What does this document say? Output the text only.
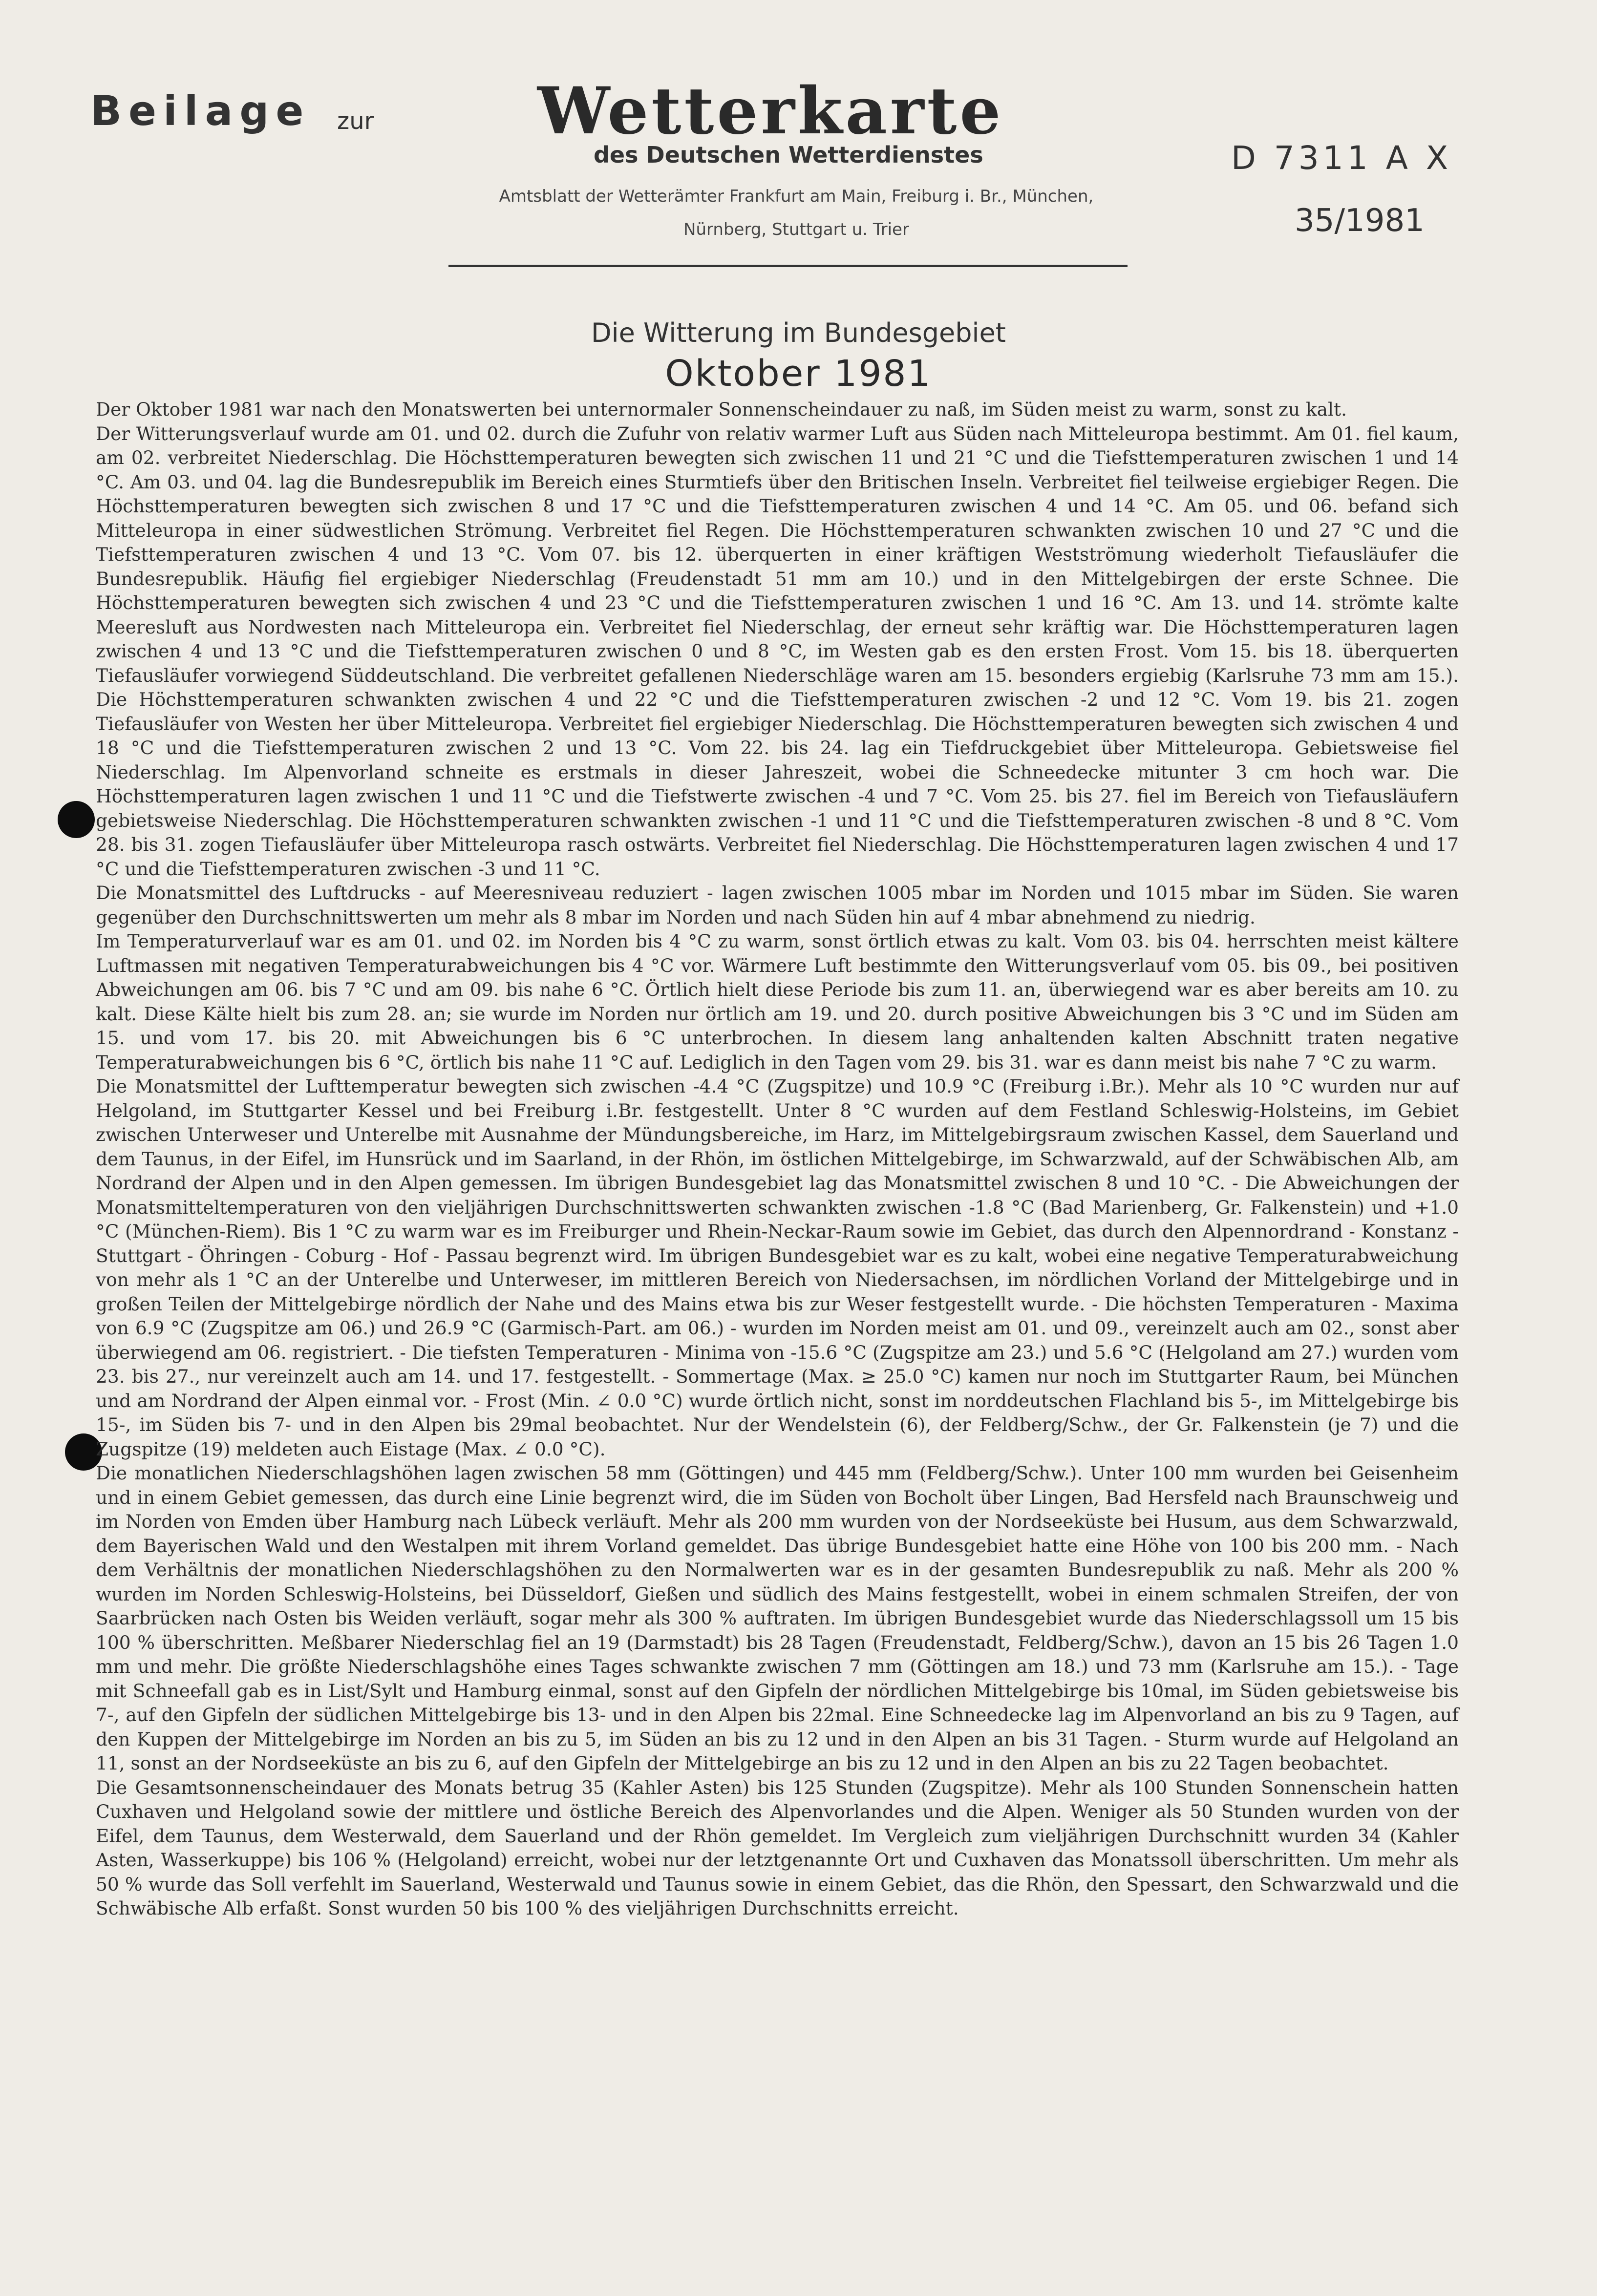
Beilage zur	Wetterkarte
des Deutschen Wetterdienstes
Amtsblatt der Wetterämter Frankfurt am Main, Freiburg i. Br., München,
Nürnberg, Stuttgart u. Trier
D 7311 A X
35/1981
Die Witterung im Bundesgebiet
Oktober 1981

Der Oktober 1981 war nach den Monatswerten bei unternormaler Sonnenscheindauer zu naß, im Süden meist zu warm, sonst zu kalt.

Der Witterungsverlauf wurde am 01. und 02. durch die Zufuhr von relativ warmer Luft aus Süden nach Mitteleuropa bestimmt. Am 01. fiel kaum, am 02. verbreitet Niederschlag. Die Höchsttemperaturen bewegten sich zwischen 11 und 21 °C und die Tiefsttemperaturen zwischen 1 und 14 °C. Am 03. und 04. lag die Bundesrepublik im Bereich eines Sturmtiefs über den Britischen Inseln. Verbreitet fiel teilweise ergiebiger Regen. Die Höchsttemperaturen bewegten sich zwischen 8 und 17 °C und die Tiefsttemperaturen zwischen 4 und 14 °C. Am 05. und 06. befand sich Mitteleuropa in einer südwestlichen Strömung. Verbreitet fiel Regen. Die Höchsttemperaturen schwankten zwischen 10 und 27 °C und die Tiefsttemperaturen zwischen 4 und 13 °C. Vom 07. bis 12. überquerten in einer kräftigen Westströmung wiederholt Tiefausläufer die Bundesrepublik. Häufig fiel ergiebiger Niederschlag (Freudenstadt 51 mm am 10.) und in den Mittelgebirgen der erste Schnee. Die Höchsttemperaturen bewegten sich zwischen 4 und 23 °C und die Tiefsttemperaturen zwischen 1 und 16 °C. Am 13. und 14. strömte kalte Meeresluft aus Nordwesten nach Mitteleuropa ein. Verbreitet fiel Niederschlag, der erneut sehr kräftig war. Die Höchsttemperaturen lagen zwischen 4 und 13 °C und die Tiefsttemperaturen zwischen 0 und 8 °C, im Westen gab es den ersten Frost. Vom 15. bis 18. überquerten Tiefausläufer vorwiegend Süddeutschland. Die verbreitet gefallenen Niederschläge waren am 15. besonders ergiebig (Karlsruhe 73 mm am 15.). Die Höchsttemperaturen schwankten zwischen 4 und 22 °C und die Tiefsttemperaturen zwischen -2 und 12 °C. Vom 19. bis 21. zogen Tiefausläufer von Westen her über Mitteleuropa. Verbreitet fiel ergiebiger Niederschlag. Die Höchsttemperaturen bewegten sich zwischen 4 und 18 °C und die Tiefsttemperaturen zwischen 2 und 13 °C. Vom 22. bis 24. lag ein Tiefdruckgebiet über Mitteleuropa. Gebietsweise fiel Niederschlag. Im Alpenvorland schneite es erstmals in dieser Jahreszeit, wobei die Schneedecke mitunter 3 cm hoch war. Die Höchsttemperaturen lagen zwischen 1 und 11 °C und die Tiefstwerte zwischen -4 und 7 °C. Vom 25. bis 27. fiel im Bereich von Tiefausläufern gebietsweise Niederschlag. Die Höchsttemperaturen schwankten zwischen -1 und 11 °C und die Tiefsttemperaturen zwischen -8 und 8 °C. Vom 28. bis 31. zogen Tiefausläufer über Mitteleuropa rasch ostwärts. Verbreitet fiel Niederschlag. Die Höchsttemperaturen lagen zwischen 4 und 17 °C und die Tiefsttemperaturen zwischen -3 und 11 °C.

Die Monatsmittel des Luftdrucks - auf Meeresniveau reduziert - lagen zwischen 1005 mbar im Norden und 1015 mbar im Süden. Sie waren gegenüber den Durchschnittswerten um mehr als 8 mbar im Norden und nach Süden hin auf 4 mbar abnehmend zu niedrig.

Im Temperaturverlauf war es am 01. und 02. im Norden bis 4 °C zu warm, sonst örtlich etwas zu kalt. Vom 03. bis 04. herrschten meist kältere Luftmassen mit negativen Temperaturabweichungen bis 4 °C vor. Wärmere Luft bestimmte den Witterungsverlauf vom 05. bis 09., bei positiven Abweichungen am 06. bis 7 °C und am 09. bis nahe 6 °C. Örtlich hielt diese Periode bis zum 11. an, überwiegend war es aber bereits am 10. zu kalt. Diese Kälte hielt bis zum 28. an; sie wurde im Norden nur örtlich am 19. und 20. durch positive Abweichungen bis 3 °C und im Süden am 15. und vom 17. bis 20. mit Abweichungen bis 6 °C unterbrochen. In diesem lang anhaltenden kalten Abschnitt traten negative Temperaturabweichungen bis 6 °C, örtlich bis nahe 11 °C auf. Lediglich in den Tagen vom 29. bis 31. war es dann meist bis nahe 7 °C zu warm.

Die Monatsmittel der Lufttemperatur bewegten sich zwischen -4.4 °C (Zugspitze) und 10.9 °C (Freiburg i.Br.). Mehr als 10 °C wurden nur auf Helgoland, im Stuttgarter Kessel und bei Freiburg i.Br. festgestellt. Unter 8 °C wurden auf dem Festland Schleswig-Holsteins, im Gebiet zwischen Unterweser und Unterelbe mit Ausnahme der Mündungsbereiche, im Harz, im Mittelgebirgsraum zwischen Kassel, dem Sauerland und dem Taunus, in der Eifel, im Hunsrück und im Saarland, in der Rhön, im östlichen Mittelgebirge, im Schwarzwald, auf der Schwäbischen Alb, am Nordrand der Alpen und in den Alpen gemessen. Im übrigen Bundesgebiet lag das Monatsmittel zwischen 8 und 10 °C. - Die Abweichungen der Monatsmitteltemperaturen von den vieljährigen Durchschnittswerten schwankten zwischen -1.8 °C (Bad Marienberg, Gr. Falkenstein) und +1.0 °C (München-Riem). Bis 1 °C zu warm war es im Freiburger und Rhein-Neckar-Raum sowie im Gebiet, das durch den Alpennordrand - Konstanz - Stuttgart - Öhringen - Coburg - Hof - Passau begrenzt wird. Im übrigen Bundesgebiet war es zu kalt, wobei eine negative Temperaturabweichung von mehr als 1 °C an der Unterelbe und Unterweser, im mittleren Bereich von Niedersachsen, im nördlichen Vorland der Mittelgebirge und in großen Teilen der Mittelgebirge nördlich der Nahe und des Mains etwa bis zur Weser festgestellt wurde. - Die höchsten Temperaturen - Maxima von 6.9 °C (Zugspitze am 06.) und 26.9 °C (Garmisch-Part. am 06.) - wurden im Norden meist am 01. und 09., vereinzelt auch am 02., sonst aber überwiegend am 06. registriert. - Die tiefsten Temperaturen - Minima von -15.6 °C (Zugspitze am 23.) und 5.6 °C (Helgoland am 27.) wurden vom 23. bis 27., nur vereinzelt auch am 14. und 17. festgestellt. - Sommertage (Max. ≥ 25.0 °C) kamen nur noch im Stuttgarter Raum, bei München und am Nordrand der Alpen einmal vor. - Frost (Min. ∠ 0.0 °C) wurde örtlich nicht, sonst im norddeutschen Flachland bis 5-, im Mittelgebirge bis 15-, im Süden bis 7- und in den Alpen bis 29mal beobachtet. Nur der Wendelstein (6), der Feldberg/Schw., der Gr. Falkenstein (je 7) und die Zugspitze (19) meldeten auch Eistage (Max. ∠ 0.0 °C).

Die monatlichen Niederschlagshöhen lagen zwischen 58 mm (Göttingen) und 445 mm (Feldberg/Schw.). Unter 100 mm wurden bei Geisenheim und in einem Gebiet gemessen, das durch eine Linie begrenzt wird, die im Süden von Bocholt über Lingen, Bad Hersfeld nach Braunschweig und im Norden von Emden über Hamburg nach Lübeck verläuft. Mehr als 200 mm wurden von der Nordseeküste bei Husum, aus dem Schwarzwald, dem Bayerischen Wald und den Westalpen mit ihrem Vorland gemeldet. Das übrige Bundesgebiet hatte eine Höhe von 100 bis 200 mm. - Nach dem Verhältnis der monatlichen Niederschlagshöhen zu den Normalwerten war es in der gesamten Bundesrepublik zu naß. Mehr als 200 % wurden im Norden Schleswig-Holsteins, bei Düsseldorf, Gießen und südlich des Mains festgestellt, wobei in einem schmalen Streifen, der von Saarbrücken nach Osten bis Weiden verläuft, sogar mehr als 300 % auftraten. Im übrigen Bundesgebiet wurde das Niederschlagssoll um 15 bis 100 % überschritten. Meßbarer Niederschlag fiel an 19 (Darmstadt) bis 28 Tagen (Freudenstadt, Feldberg/Schw.), davon an 15 bis 26 Tagen 1.0 mm und mehr. Die größte Niederschlagshöhe eines Tages schwankte zwischen 7 mm (Göttingen am 18.) und 73 mm (Karlsruhe am 15.). - Tage mit Schneefall gab es in List/Sylt und Hamburg einmal, sonst auf den Gipfeln der nördlichen Mittelgebirge bis 10mal, im Süden gebietsweise bis 7-, auf den Gipfeln der südlichen Mittelgebirge bis 13- und in den Alpen bis 22mal. Eine Schneedecke lag im Alpenvorland an bis zu 9 Tagen, auf den Kuppen der Mittelgebirge im Norden an bis zu 5, im Süden an bis zu 12 und in den Alpen an bis 31 Tagen. - Sturm wurde auf Helgoland an 11, sonst an der Nordseeküste an bis zu 6, auf den Gipfeln der Mittelgebirge an bis zu 12 und in den Alpen an bis zu 22 Tagen beobachtet.

Die Gesamtsonnenscheindauer des Monats betrug 35 (Kahler Asten) bis 125 Stunden (Zugspitze). Mehr als 100 Stunden Sonnenschein hatten Cuxhaven und Helgoland sowie der mittlere und östliche Bereich des Alpenvorlandes und die Alpen. Weniger als 50 Stunden wurden von der Eifel, dem Taunus, dem Westerwald, dem Sauerland und der Rhön gemeldet. Im Vergleich zum vieljährigen Durchschnitt wurden 34 (Kahler Asten, Wasserkuppe) bis 106 % (Helgoland) erreicht, wobei nur der letztgenannte Ort und Cuxhaven das Monatssoll überschritten. Um mehr als 50 % wurde das Soll verfehlt im Sauerland, Westerwald und Taunus sowie in einem Gebiet, das die Rhön, den Spessart, den Schwarzwald und die Schwäbische Alb erfaßt. Sonst wurden 50 bis 100 % des vieljährigen Durchschnitts erreicht.
